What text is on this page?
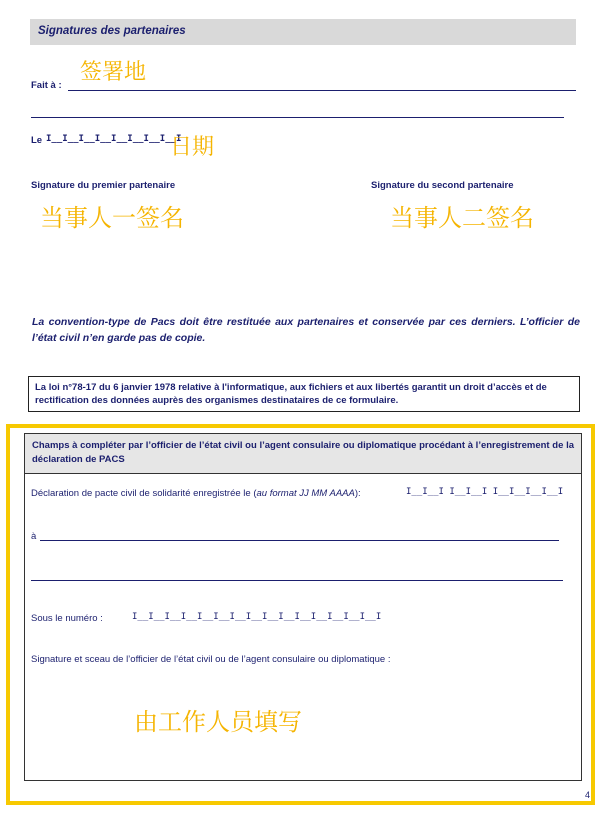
Signatures des partenaires
Fait à :
签署地
Le I__I__I__I__I__I__I__I__I
日期
Signature du premier partenaire
当事人一签名
Signature du second partenaire
当事人二签名
La convention-type de Pacs doit être restituée aux partenaires et conservée par ces derniers. L’officier de l’état civil n’en garde pas de copie.
La loi n°78-17 du 6 janvier 1978 relative à l'informatique, aux fichiers et aux libertés garantit un droit d’accès et de rectification des données auprès des organismes destinataires de ce formulaire.
Champs à compléter par l’officier de l’état civil ou l’agent consulaire ou diplomatique procédant à l’enregistrement de la déclaration de PACS
Déclaration de pacte civil de solidarité enregistrée le (au format JJ MM AAAA):	I__I__I I__I__I I__I__I__I__I
à
Sous le numéro :	I__I__I__I__I__I__I__I__I__I__I__I__I__I__I__I
Signature et sceau de l’officier de l’état civil ou de l’agent consulaire ou diplomatique :
由工作人员填写
4
